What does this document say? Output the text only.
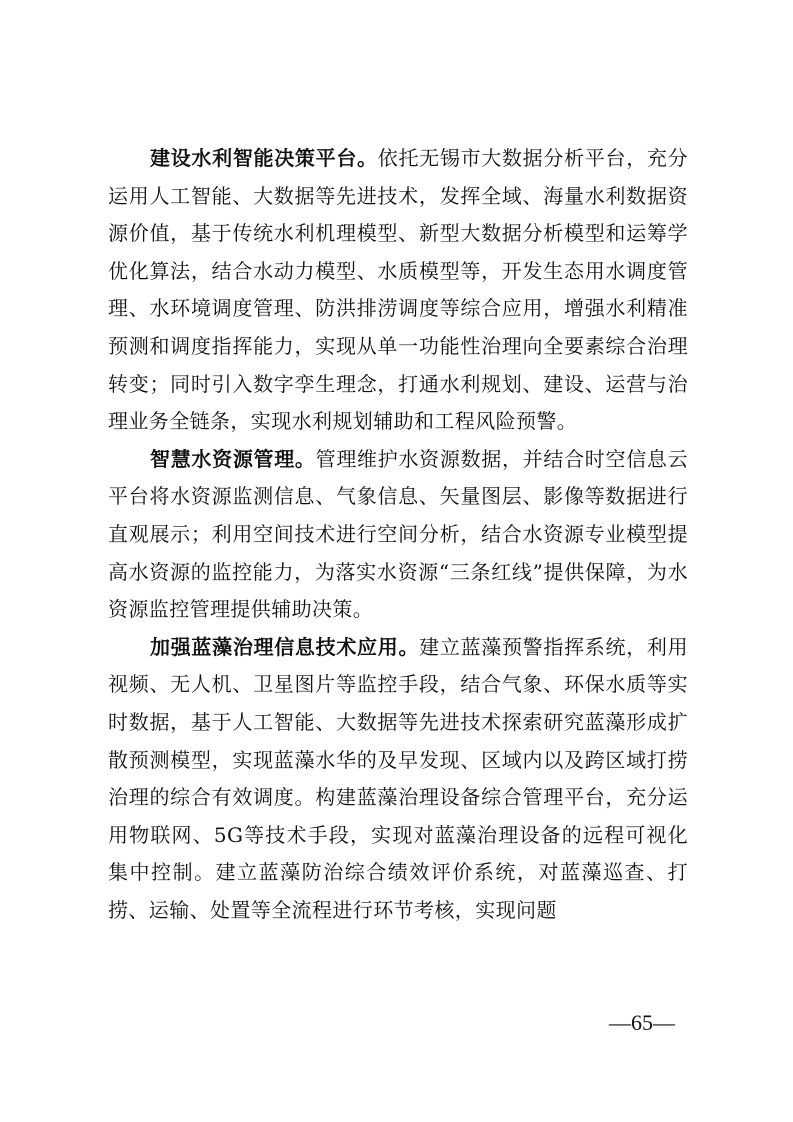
建设水利智能决策平台。依托无锡市大数据分析平台，充分运用人工智能、大数据等先进技术，发挥全域、海量水利数据资源价值，基于传统水利机理模型、新型大数据分析模型和运筹学优化算法，结合水动力模型、水质模型等，开发生态用水调度管理、水环境调度管理、防洪排涝调度等综合应用，增强水利精准预测和调度指挥能力，实现从单一功能性治理向全要素综合治理转变；同时引入数字孪生理念，打通水利规划、建设、运营与治理业务全链条，实现水利规划辅助和工程风险预警。

智慧水资源管理。管理维护水资源数据，并结合时空信息云平台将水资源监测信息、气象信息、矢量图层、影像等数据进行直观展示；利用空间技术进行空间分析，结合水资源专业模型提高水资源的监控能力，为落实水资源“三条红线”提供保障，为水资源监控管理提供辅助决策。

加强蓝藻治理信息技术应用。建立蓝藻预警指挥系统，利用视频、无人机、卫星图片等监控手段，结合气象、环保水质等实时数据，基于人工智能、大数据等先进技术探索研究蓝藻形成扩散预测模型，实现蓝藻水华的及早发现、区域内以及跨区域打捞治理的综合有效调度。构建蓝藻治理设备综合管理平台，充分运用物联网、5G等技术手段，实现对蓝藻治理设备的远程可视化集中控制。建立蓝藻防治综合绩效评价系统，对蓝藻巡查、打捞、运输、处置等全流程进行环节考核，实现问题

—65—
